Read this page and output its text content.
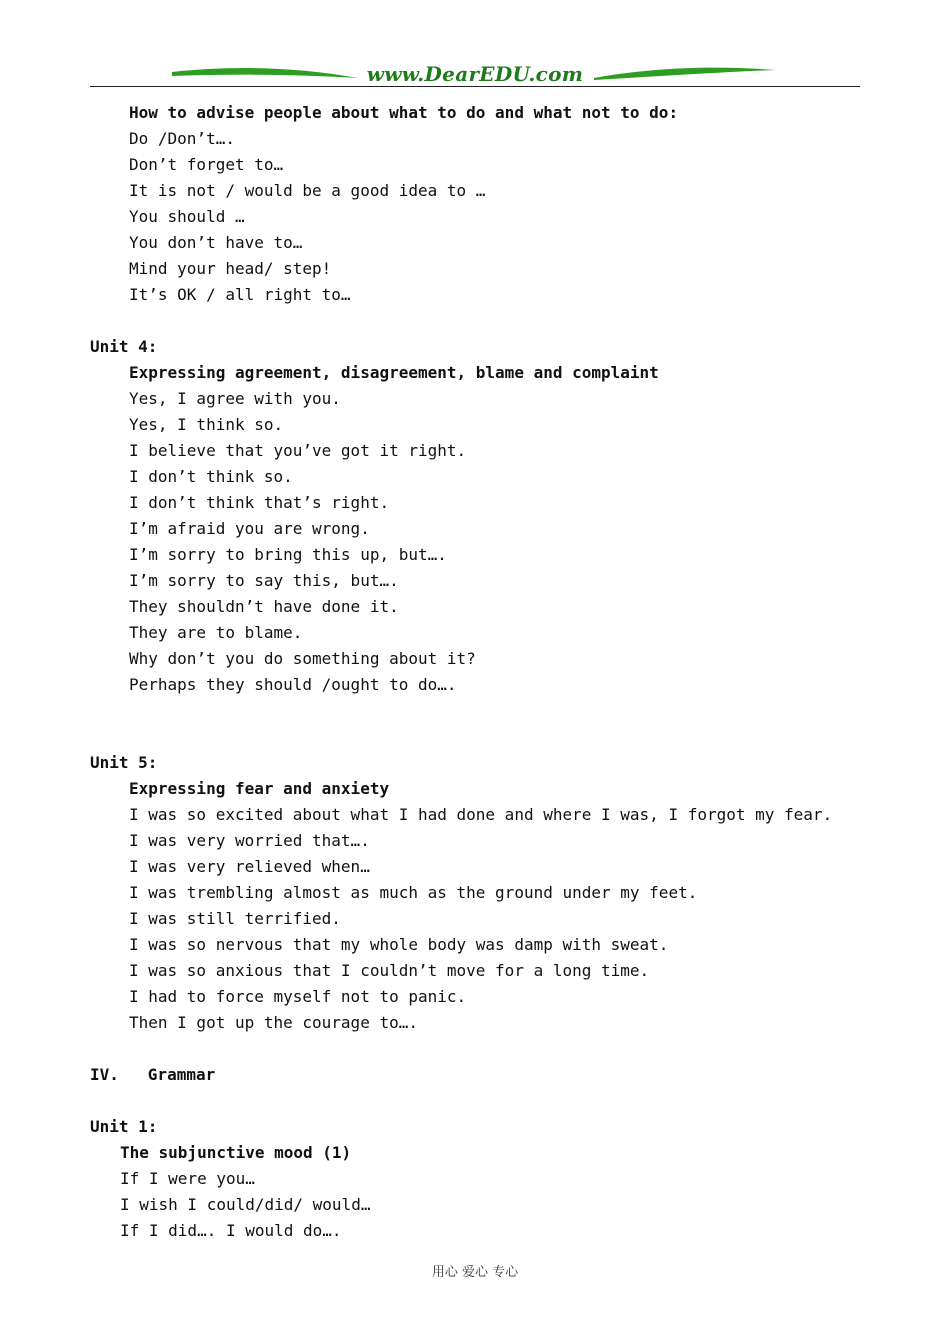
www.DearEDU.com
How to advise people about what to do and what not to do:
Do /Don’t….
Don’t forget to…
It is not / would be a good idea to …
You should …
You don’t have to…
Mind your head/ step!
It’s OK / all right to…
Unit 4:
Expressing agreement, disagreement, blame and complaint
Yes, I agree with you.
Yes, I think so.
I believe that you’ve got it right.
I don’t think so.
I don’t think that’s right.
I’m afraid you are wrong.
I’m sorry to bring this up, but….
I’m sorry to say this, but….
They shouldn’t have done it.
They are to blame.
Why don’t you do something about it?
Perhaps they should /ought to do….
Unit 5:
Expressing fear and anxiety
I was so excited about what I had done and where I was, I forgot my fear.
I was very worried that….
I was very relieved when…
I was trembling almost as much as the ground under my feet.
I was still terrified.
I was so nervous that my whole body was damp with sweat.
I was so anxious that I couldn’t move for a long time.
I had to force myself not to panic.
Then I got up the courage to….
IV.   Grammar
Unit 1:
The subjunctive mood (1)
If I were you…
I wish I could/did/ would…
If I did…. I would do….
用心 爱心 专心
